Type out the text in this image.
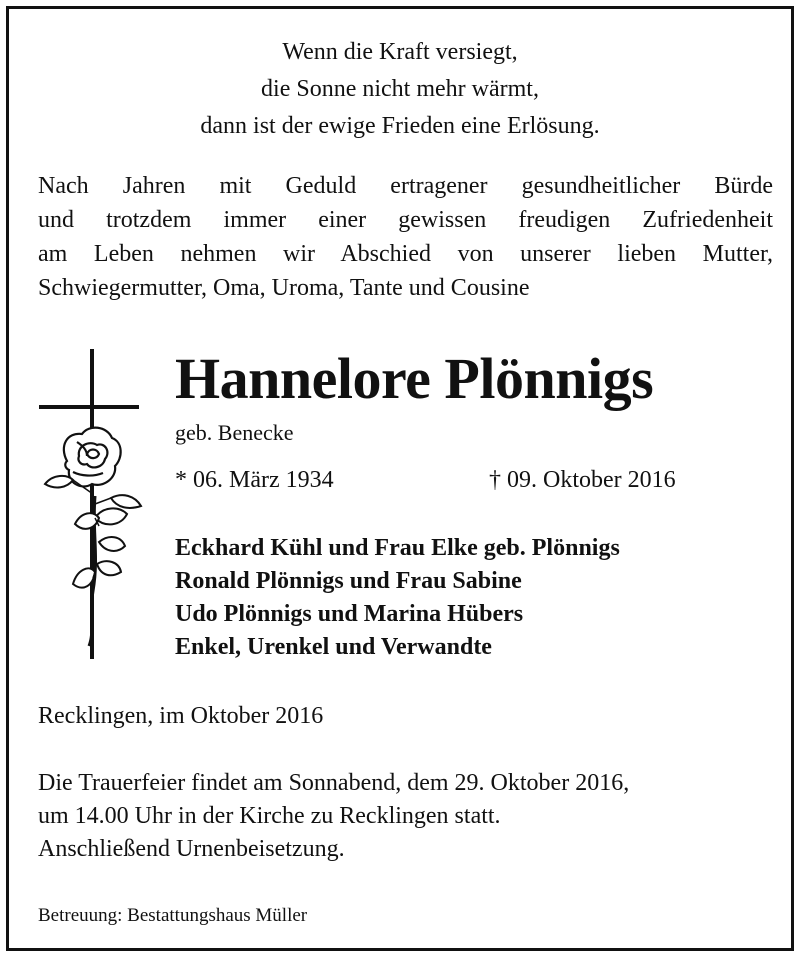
Wenn die Kraft versiegt,
die Sonne nicht mehr wärmt,
dann ist der ewige Frieden eine Erlösung.
Nach Jahren mit Geduld ertragener gesundheitlicher Bürde
und trotzdem immer einer gewissen freudigen Zufriedenheit
am Leben nehmen wir Abschied von unserer lieben Mutter,
Schwiegermutter, Oma, Uroma, Tante und Cousine
Hannelore Plönnigs
geb. Benecke
* 06. März 1934	† 09. Oktober 2016
Eckhard Kühl und Frau Elke geb. Plönnigs
Ronald Plönnigs und Frau Sabine
Udo Plönnigs und Marina Hübers
Enkel, Urenkel und Verwandte
Recklingen, im Oktober 2016
Die Trauerfeier findet am Sonnabend, dem 29. Oktober 2016,
um 14.00 Uhr in der Kirche zu Recklingen statt.
Anschließend Urnenbeisetzung.
Betreuung: Bestattungshaus Müller
